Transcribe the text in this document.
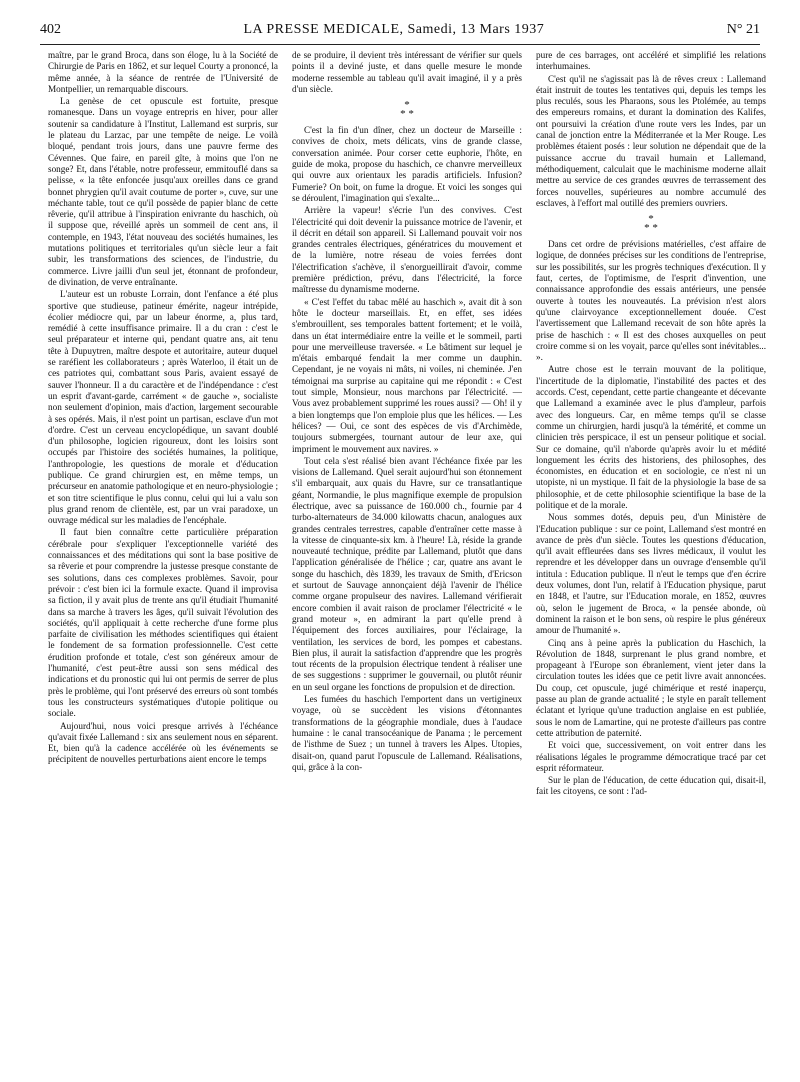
402	LA PRESSE MEDICALE, Samedi, 13 Mars 1937	N° 21

maître, par le grand Broca, dans son éloge, lu à la Société de Chirurgie de Paris en 1862, et sur lequel Courty a prononcé, la même année, à la séance de rentrée de l'Université de Montpellier, un remarquable discours.

La genèse de cet opuscule est fortuite, presque romanesque. Dans un voyage entrepris en hiver, pour aller soutenir sa candidature à l'Institut, Lallemand est surpris, sur le plateau du Larzac, par une tempête de neige. Le voilà bloqué, pendant trois jours, dans une pauvre ferme des Cévennes. Que faire, en pareil gîte, à moins que l'on ne songe? Et, dans l'étable, notre professeur, emmitouflé dans sa pelisse, « la tête enfoncée jusqu'aux oreilles dans ce grand bonnet phrygien qu'il avait coutume de porter », cuve, sur une méchante table, tout ce qu'il possède de papier blanc de cette rêverie, qu'il attribue à l'inspiration enivrante du haschich, où il suppose que, réveillé après un sommeil de cent ans, il contemple, en 1943, l'état nouveau des sociétés humaines, les mutations politiques et territoriales qu'un siècle leur a fait subir, les transformations des sciences, de l'industrie, du commerce. Livre jailli d'un seul jet, étonnant de profondeur, de divination, de verve entraînante.

L'auteur est un robuste Lorrain, dont l'enfance a été plus sportive que studieuse, patineur émérite, nageur intrépide, écolier médiocre qui, par un labeur énorme, a, plus tard, remédié à cette insuffisance primaire. Il a du cran : c'est le seul préparateur et interne qui, pendant quatre ans, ait tenu tête à Dupuytren, maître despote et autoritaire, auteur duquel se raréfient les collaborateurs ; après Waterloo, il était un de ces patriotes qui, combattant sous Paris, avaient essayé de sauver l'honneur. Il a du caractère et de l'indépendance : c'est un esprit d'avant-garde, carrément « de gauche », socialiste non seulement d'opinion, mais d'action, largement secourable à ses opérés. Mais, il n'est point un partisan, esclave d'un mot d'ordre. C'est un cerveau encyclopédique, un savant doublé d'un philosophe, logicien rigoureux, dont les loisirs sont occupés par l'histoire des sociétés humaines, la politique, l'anthropologie, les questions de morale et d'éducation publique. Ce grand chirurgien est, en même temps, un précurseur en anatomie pathologique et en neuro-physiologie ; et son titre scientifique le plus connu, celui qui lui a valu son plus grand renom de clientèle, est, par un vrai paradoxe, un ouvrage médical sur les maladies de l'encéphale.

Il faut bien connaître cette particulière préparation cérébrale pour s'expliquer l'exceptionnelle variété des connaissances et des méditations qui sont la base positive de sa rêverie et pour comprendre la justesse presque constante de ses solutions, dans ces complexes problèmes. Savoir, pour prévoir : c'est bien ici la formule exacte. Quand il improvisa sa fiction, il y avait plus de trente ans qu'il étudiait l'humanité dans sa marche à travers les âges, qu'il suivait l'évolution des sociétés, qu'il appliquait à cette recherche d'une forme plus parfaite de civilisation les méthodes scientifiques qui étaient le fondement de sa formation professionnelle. C'est cette érudition profonde et totale, c'est son généreux amour de l'humanité, c'est peut-être aussi son sens médical des indications et du pronostic qui lui ont permis de serrer de plus près le problème, qui l'ont préservé des erreurs où sont tombés tous les constructeurs systématiques d'utopie politique ou sociale.

Aujourd'hui, nous voici presque arrivés à l'échéance qu'avait fixée Lallemand : six ans seulement nous en séparent. Et, bien qu'à la cadence accélérée où les événements se précipitent de nouvelles perturbations aient encore le temps

de se produire, il devient très intéressant de vérifier sur quels points il a deviné juste, et dans quelle mesure le monde moderne ressemble au tableau qu'il avait imaginé, il y a près d'un siècle.

*
* *

C'est la fin d'un dîner, chez un docteur de Marseille : convives de choix, mets délicats, vins de grande classe, conversation animée. Pour corser cette euphorie, l'hôte, en guide de moka, propose du haschich, ce chanvre merveilleux qui ouvre aux orientaux les paradis artificiels. Infusion? Fumerie? On boit, on fume la drogue. Et voici les songes qui se déroulent, l'imagination qui s'exalte...

Arrière la vapeur! s'écrie l'un des convives. C'est l'électricité qui doit devenir la puissance motrice de l'avenir, et il décrit en détail son appareil. Si Lallemand pouvait voir nos grandes centrales électriques, génératrices du mouvement et de la lumière, notre réseau de voies ferrées dont l'électrification s'achève, il s'enorgueillirait d'avoir, comme première prédiction, prévu, dans l'électricité, la force maîtresse du dynamisme moderne.

« C'est l'effet du tabac mêlé au haschich », avait dit à son hôte le docteur marseillais. Et, en effet, ses idées s'embrouillent, ses temporales battent fortement; et le voilà, dans un état intermédiaire entre la veille et le sommeil, parti pour une merveilleuse traversée. « Le bâtiment sur lequel je m'étais embarqué fendait la mer comme un dauphin. Cependant, je ne voyais ni mâts, ni voiles, ni cheminée. J'en témoignai ma surprise au capitaine qui me répondit : « C'est tout simple, Monsieur, nous marchons par l'électricité. — Vous avez probablement supprimé les roues aussi? — Oh! il y a bien longtemps que l'on emploie plus que les hélices. — Les hélices? — Oui, ce sont des espèces de vis d'Archimède, toujours submergées, tournant autour de leur axe, qui impriment le mouvement aux navires. »

Tout cela s'est réalisé bien avant l'échéance fixée par les visions de Lallemand. Quel serait aujourd'hui son étonnement s'il embarquait, aux quais du Havre, sur ce transatlantique géant, Normandie, le plus magnifique exemple de propulsion électrique, avec sa puissance de 160.000 ch., fournie par 4 turbo-alternateurs de 34.000 kilowatts chacun, analogues aux grandes centrales terrestres, capable d'entraîner cette masse à la vitesse de cinquante-six km. à l'heure! Là, réside la grande nouveauté technique, prédite par Lallemand, plutôt que dans l'application généralisée de l'hélice ; car, quatre ans avant le songe du haschich, dès 1839, les travaux de Smith, d'Ericson et surtout de Sauvage annonçaient déjà l'avenir de l'hélice comme organe propulseur des navires. Lallemand vérifierait encore combien il avait raison de proclamer l'électricité « le grand moteur », en admirant la part qu'elle prend à l'équipement des forces auxiliaires, pour l'éclairage, la ventilation, les services de bord, les pompes et cabestans. Bien plus, il aurait la satisfaction d'apprendre que les progrès tout récents de la propulsion électrique tendent à réaliser une de ses suggestions : supprimer le gouvernail, ou plutôt réunir en un seul organe les fonctions de propulsion et de direction.

Les fumées du haschich l'emportent dans un vertigineux voyage, où se succèdent les visions d'étonnantes transformations de la géographie mondiale, dues à l'audace humaine : le canal transocéanique de Panama ; le percement de l'isthme de Suez ; un tunnel à travers les Alpes. Utopies, disait-on, quand parut l'opuscule de Lallemand. Réalisations, qui, grâce à la con-

pure de ces barrages, ont accéléré et simplifié les relations interhumaines.

C'est qu'il ne s'agissait pas là de rêves creux : Lallemand était instruit de toutes les tentatives qui, depuis les temps les plus reculés, sous les Pharaons, sous les Ptolémée, au temps des empereurs romains, et durant la domination des Kalifes, ont poursuivi la création d'une route vers les Indes, par un canal de jonction entre la Méditerranée et la Mer Rouge. Les problèmes étaient posés : leur solution ne dépendait que de la puissance accrue du travail humain et Lallemand, méthodiquement, calculait que le machinisme moderne allait mettre au service de ces grandes œuvres de terrassement des forces nouvelles, supérieures au nombre accumulé des esclaves, à l'effort mal outillé des premiers ouvriers.

*
* *

Dans cet ordre de prévisions matérielles, c'est affaire de logique, de données précises sur les conditions de l'entreprise, sur les possibilités, sur les progrès techniques d'exécution. Il y faut, certes, de l'optimisme, de l'esprit d'invention, une connaissance approfondie des essais antérieurs, une pensée ouverte à toutes les nouveautés. La prévision n'est alors qu'une clairvoyance exceptionnellement douée. C'est l'avertissement que Lallemand recevait de son hôte après la prise de haschich : « Il est des choses auxquelles on peut croire comme si on les voyait, parce qu'elles sont inévitables... ».

Autre chose est le terrain mouvant de la politique, l'incertitude de la diplomatie, l'instabilité des pactes et des accords. C'est, cependant, cette partie changeante et décevante que Lallemand a examinée avec le plus d'ampleur, parfois avec des longueurs. Car, en même temps qu'il se classe comme un chirurgien, hardi jusqu'à la témérité, et comme un clinicien très perspicace, il est un penseur politique et social. Sur ce domaine, qu'il n'aborde qu'après avoir lu et médité longuement les écrits des historiens, des philosophes, des économistes, en éducation et en sociologie, ce n'est ni un utopiste, ni un mystique. Il fait de la physiologie la base de sa philosophie, et de cette philosophie scientifique la base de la politique et de la morale.

Nous sommes dotés, depuis peu, d'un Ministère de l'Education publique : sur ce point, Lallemand s'est montré en avance de près d'un siècle. Toutes les questions d'éducation, qu'il avait effleurées dans ses livres médicaux, il voulut les reprendre et les développer dans un ouvrage d'ensemble qu'il intitula : Education publique. Il n'eut le temps que d'en écrire deux volumes, dont l'un, relatif à l'Education physique, parut en 1848, et l'autre, sur l'Education morale, en 1852, œuvres où, selon le jugement de Broca, « la pensée abonde, où dominent la raison et le bon sens, où respire le plus généreux amour de l'humanité ».

Cinq ans à peine après la publication du Haschich, la Révolution de 1848, surprenant le plus grand nombre, et propageant à l'Europe son ébranlement, vient jeter dans la circulation toutes les idées que ce petit livre avait annoncées. Du coup, cet opuscule, jugé chimérique et resté inaperçu, passe au plan de grande actualité ; le style en paraît tellement éclatant et lyrique qu'une traduction anglaise en est publiée, sous le nom de Lamartine, qui ne proteste d'ailleurs pas contre cette attribution de paternité.

Et voici que, successivement, on voit entrer dans les réalisations légales le programme démocratique tracé par cet esprit réformateur.

Sur le plan de l'éducation, de cette éducation qui, disait-il, fait les citoyens, ce sont : l'ad-
